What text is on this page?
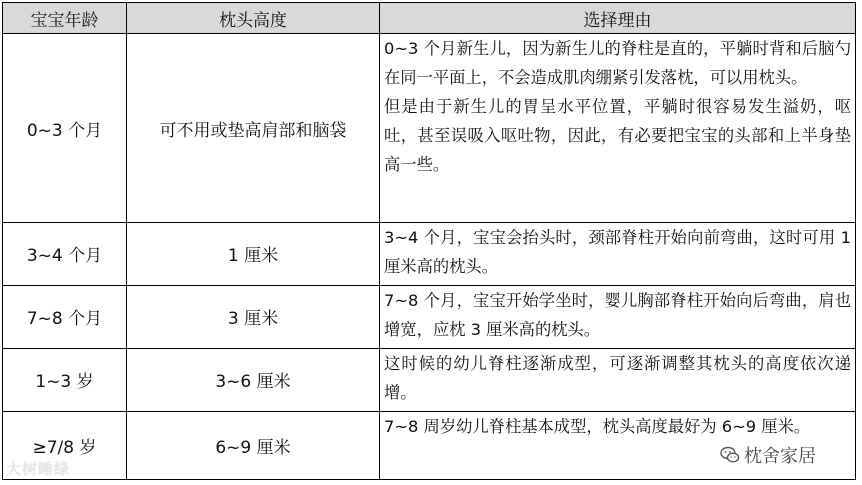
宝宝年龄	枕头高度	选择理由
0~3 个月	可不用或垫高肩部和脑袋	0~3 个月新生儿，因为新生儿的脊柱是直的，平躺时背和后脑勺在同一平面上，不会造成肌肉绷紧引发落枕，可以用枕头。
但是由于新生儿的胃呈水平位置，平躺时很容易发生溢奶，呕吐，甚至误吸入呕吐物，因此，有必要把宝宝的头部和上半身垫高一些。

3~4 个月	1 厘米	3~4 个月，宝宝会抬头时，颈部脊柱开始向前弯曲，这时可用 1 厘米高的枕头。

7~8 个月	3 厘米	7~8 个月，宝宝开始学坐时，婴儿胸部脊柱开始向后弯曲，肩也增宽，应枕 3 厘米高的枕头。

1~3 岁	3~6 厘米	这时候的幼儿脊柱逐渐成型，可逐渐调整其枕头的高度依次递增。

≥7/8 岁	6~9 厘米	7~8 周岁幼儿脊柱基本成型，枕头高度最好为 6~9 厘米。
大树睡绿
枕舍家居
